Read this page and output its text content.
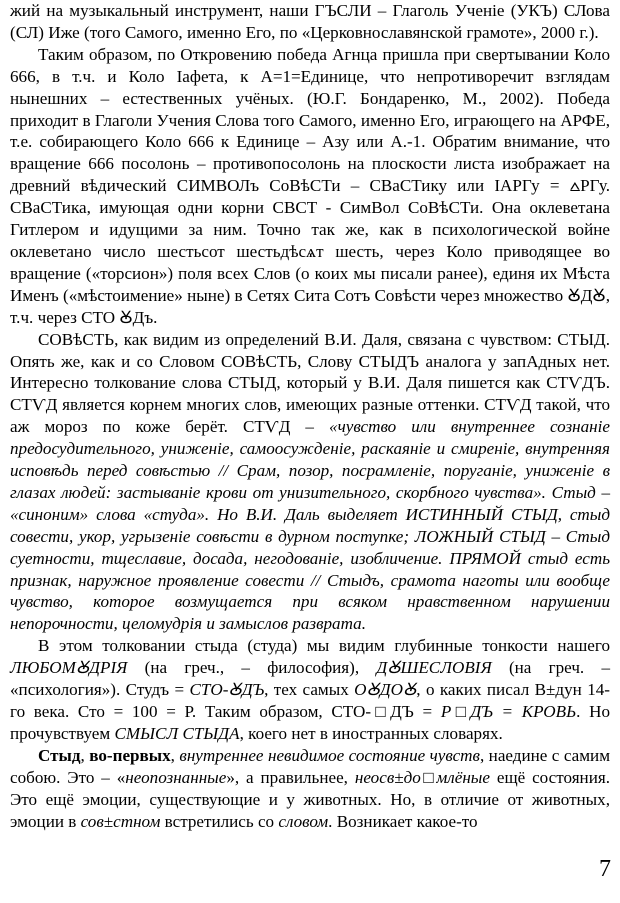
жий на музыкальный инструмент, наши ГЪСЛИ – Глаголь Ученiе (УКЪ) СЛова (СЛ) Иже (того Самого, именно Его, по «Церковнославянской грамоте», 2000 г.).

Таким образом, по Откровению победа Агнца пришла при свертывании Коло 666, в т.ч. и Коло Iафета, к А=1=Единице, что непротиворечит взглядам нынешних – естественных учёных. (Ю.Г. Бондаренко, М., 2002). Победа приходит в Глаголи Учения Слова того Самого, именно Его, играющего на АРФЕ, т.е. собирающего Коло 666 к Единице – Азу или А.-1. Обратим внимание, что вращение 666 посолонь – противопосолонь на плоскости листа изображает на древний вѣдический СИМВОЛъ СоВѣСТи – СВаСТику или IАРГу = ⩟РГу. СВаСТика, имующая одни корни СВСТ - СимВол СоВѣСТи. Она оклеветана Гитлером и идущими за ним. Точно так же, как в психологической войне оклеветано число шестьсот шестьдѣсѧт шесть, через Коло приводящее во вращение («торсион») поля всех Слов (о коих мы писали ранее), единя их Мѣста Именъ («мѣстоимение» ныне) в Сетях Сита Сотъ Совѣсти через множество ꙊДꙊ, т.ч. через СТО ꙊДъ.

СОВѣСТЬ, как видим из определений В.И. Даля, связана с чувством: СТЫД. Опять же, как и со Словом СОВѣСТЬ, Слову СТЫДЪ аналога у запАдных нет. Интересно толкование слова СТЫД, который у В.И. Даля пишется как СТѴДЪ. СТѴД является корнем многих слов, имеющих разные оттенки. СТѴД такой, что аж мороз по коже берёт. СТѴД – «чувство или внутреннее сознаніе предосудительного, униженіе, самоосужденіе, раскаяніе и смиреніе, внутренняя исповѣдь перед совѣстью // Срам, позор, посрамленіе, поруганіе, униженіе в глазах людей: застываніе крови от унизительного, скорбного чувства». Стыд – «синоним» слова «студа». Но В.И. Даль выделяет ИСТИННЫЙ СТЫД, стыд совести, укор, угрызеніе совѣсти в дурном поступке; ЛОЖНЫЙ СТЫД – Стыд суетности, тщеславие, досада, негодованіе, изобличение. ПРЯМОЙ стыд есть признак, наружное проявление совести // Стыдъ, срамота наготы или вообще чувство, которое возмущается при всяком нравственном нарушении непорочности, целомудрія и замыслов разврата.

В этом толковании стыда (студа) мы видим глубинные тонкости нашего ЛЮБОМꙊДРIЯ (на греч., – философия), ДꙊШЕСЛОВIЯ (на греч. – «психология»). Студъ = СТО-ꙊДЪ, тех самых ОꙊДОꙊ, о каких писал В±дун 14-го века. Сто = 100 = Р. Таким образом, СТО-□ДЪ = Р□ДЪ = КРОВЬ. Но прочувствуем СМЫСЛ СТЫДА, коего нет в иностранных словарях.

Стыд, во-первых, внутреннее невидимое состояние чувств, наедине с самим собою. Это – «неопознанные», а правильнее, неосв±до□млёные ещё состояния. Это ещё эмоции, существующие и у животных. Но, в отличие от животных, эмоции в сов±стном встретились со словом. Возникает какое-то

7
